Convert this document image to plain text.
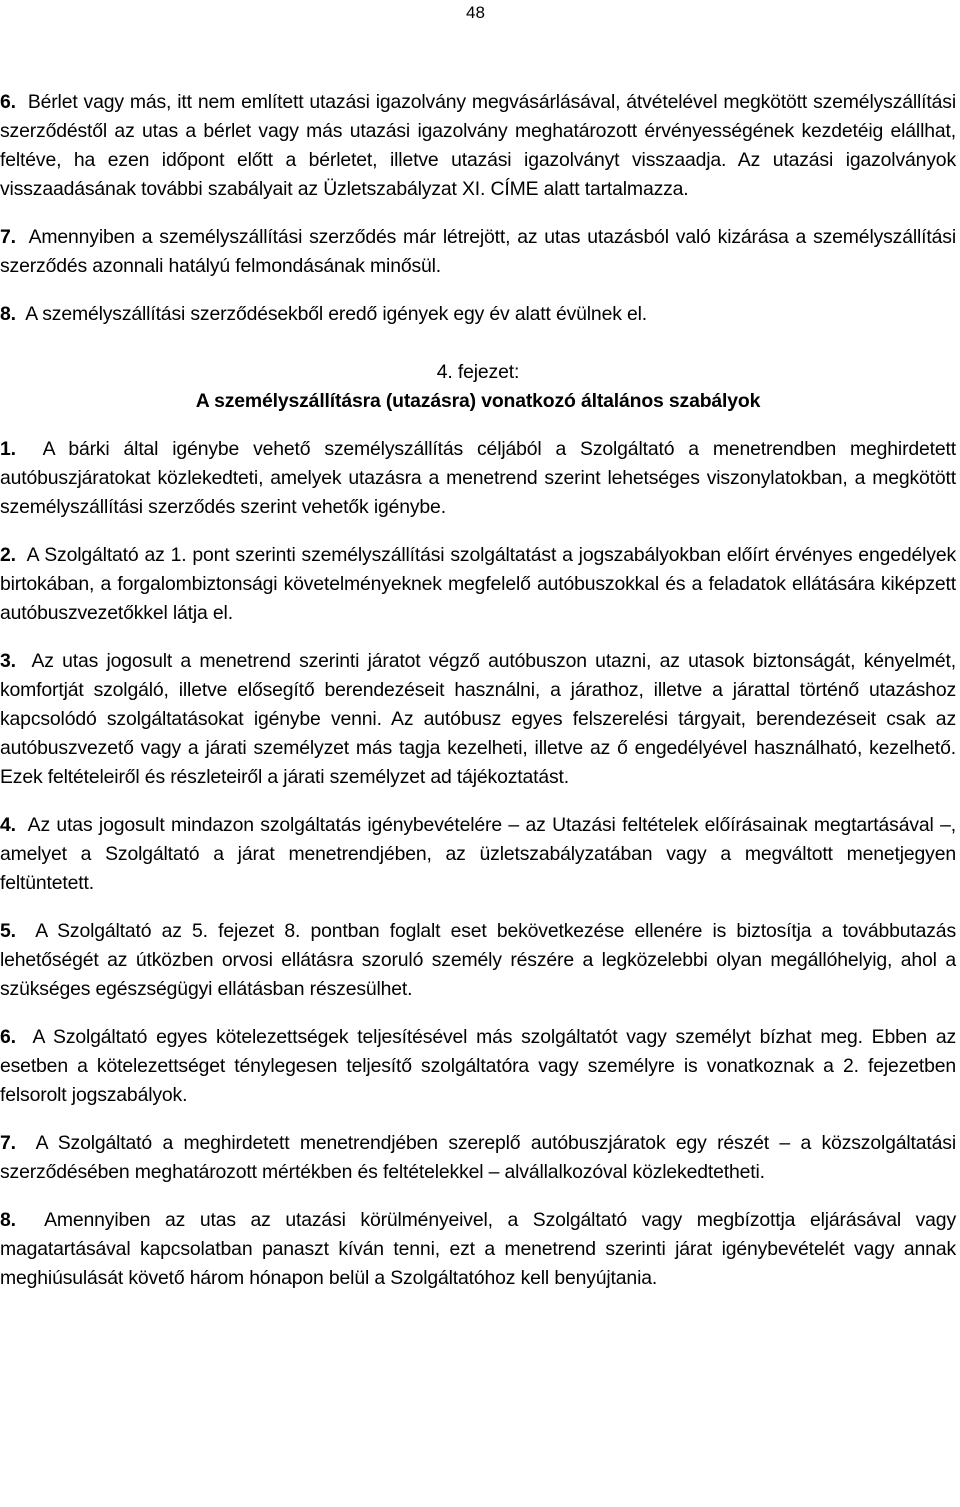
48

6. Bérlet vagy más, itt nem említett utazási igazolvány megvásárlásával, átvételével megkötött személyszállítási szerződéstől az utas a bérlet vagy más utazási igazolvány meghatározott érvényességének kezdetéig elállhat, feltéve, ha ezen időpont előtt a bérletet, illetve utazási igazolványt visszaadja. Az utazási igazolványok visszaadásának további szabályait az Üzletszabályzat XI. CÍME alatt tartalmazza.

7. Amennyiben a személyszállítási szerződés már létrejött, az utas utazásból való kizárása a személyszállítási szerződés azonnali hatályú felmondásának minősül.

8. A személyszállítási szerződésekből eredő igények egy év alatt évülnek el.

4. fejezet:

A személyszállításra (utazásra) vonatkozó általános szabályok

1. A bárki által igénybe vehető személyszállítás céljából a Szolgáltató a menetrendben meghirdetett autóbuszjáratokat közlekedteti, amelyek utazásra a menetrend szerint lehetséges viszonylatokban, a megkötött személyszállítási szerződés szerint vehetők igénybe.

2. A Szolgáltató az 1. pont szerinti személyszállítási szolgáltatást a jogszabályokban előírt érvényes engedélyek birtokában, a forgalombiztonsági követelményeknek megfelelő autóbuszokkal és a feladatok ellátására kiképzett autóbuszvezetőkkel látja el.

3. Az utas jogosult a menetrend szerinti járatot végző autóbuszon utazni, az utasok biztonságát, kényelmét, komfortját szolgáló, illetve elősegítő berendezéseit használni, a járathoz, illetve a járattal történő utazáshoz kapcsolódó szolgáltatásokat igénybe venni. Az autóbusz egyes felszerelési tárgyait, berendezéseit csak az autóbuszvezető vagy a járati személyzet más tagja kezelheti, illetve az ő engedélyével használható, kezelhető. Ezek feltételeiről és részleteiről a járati személyzet ad tájékoztatást.

4. Az utas jogosult mindazon szolgáltatás igénybevételére – az Utazási feltételek előírásainak megtartásával –, amelyet a Szolgáltató a járat menetrendjében, az üzletszabályzatában vagy a megváltott menetjegyen feltüntetett.

5. A Szolgáltató az 5. fejezet 8. pontban foglalt eset bekövetkezése ellenére is biztosítja a továbbutazás lehetőségét az útközben orvosi ellátásra szoruló személy részére a legközelebbi olyan megállóhelyig, ahol a szükséges egészségügyi ellátásban részesülhet.

6. A Szolgáltató egyes kötelezettségek teljesítésével más szolgáltatót vagy személyt bízhat meg. Ebben az esetben a kötelezettséget ténylegesen teljesítő szolgáltatóra vagy személyre is vonatkoznak a 2. fejezetben felsorolt jogszabályok.

7. A Szolgáltató a meghirdetett menetrendjében szereplő autóbuszjáratok egy részét – a közszolgáltatási szerződésében meghatározott mértékben és feltételekkel – alvállalkozóval közlekedtetheti.

8. Amennyiben az utas az utazási körülményeivel, a Szolgáltató vagy megbízottja eljárásával vagy magatartásával kapcsolatban panaszt kíván tenni, ezt a menetrend szerinti járat igénybevételét vagy annak meghiúsulását követő három hónapon belül a Szolgáltatóhoz kell benyújtania.
